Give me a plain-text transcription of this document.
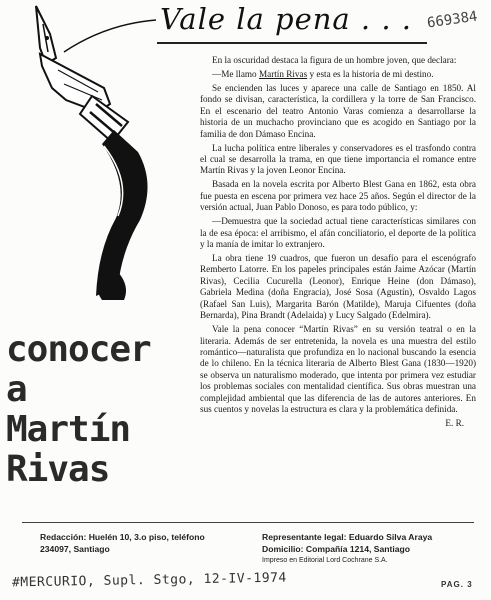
Vale la pena . . . 669384

En la oscuridad destaca la figura de un hombre joven, que declara:

—Me llamo Martín Rivas y esta es la historia de mi destino.

Se encienden las luces y aparece una calle de Santiago en 1850. Al fondo se divisan, característica, la cordillera y la torre de San Francisco. En el escenario del teatro Antonio Varas comienza a desarrollarse la historia de un muchacho provinciano que es acogido en Santiago por la familia de don Dámaso Encina.

La lucha política entre liberales y conservadores es el trasfondo contra el cual se desarrolla la trama, en que tiene importancia el romance entre Martín Rivas y la joven Leonor Encina.

Basada en la novela escrita por Alberto Blest Gana en 1862, esta obra fue puesta en escena por primera vez hace 25 años. Según el director de la versión actual, Juan Pablo Donoso, es para todo público, y:

—Demuestra que la sociedad actual tiene características similares con la de esa época: el arribismo, el afán conciliatorio, el deporte de la política y la manía de imitar lo extranjero.

La obra tiene 19 cuadros, que fueron un desafío para el escenógrafo Remberto Latorre. En los papeles principales están Jaime Azócar (Martín Rivas), Cecilia Cucurella (Leonor), Enrique Heine (don Dámaso), Gabriela Medina (doña Engracia), José Sosa (Agustín), Osvaldo Lagos (Rafael San Luis), Margarita Barón (Matilde), Maruja Cifuentes (doña Bernarda), Pina Brandt (Adelaida) y Lucy Salgado (Edelmira).

Vale la pena conocer “Martín Rivas” en su versión teatral o en la literaria. Además de ser entretenida, la novela es una muestra del estilo romántico—naturalista que profundiza en lo nacional buscando la esencia de lo chileno. En la técnica literaria de Alberto Blest Gana (1830—1920) se observa un naturalismo moderado, que intenta por primera vez estudiar los problemas sociales con mentalidad científica. Sus obras muestran una complejidad ambiental que las diferencia de las de autores anteriores. En sus cuentos y novelas la estructura es clara y la problemática definida.

E. R.
conocer
a
Martín
Rivas
Redacción: Huelén 10, 3.o piso, teléfono
234097, Santiago
Representante legal: Eduardo Silva Araya
Domicilio: Compañía 1214, Santiago
Impreso en Editorial Lord Cochrane S.A.
#MERCURIO, Supl. Stgo, 12-IV-1974	PAG. 3
